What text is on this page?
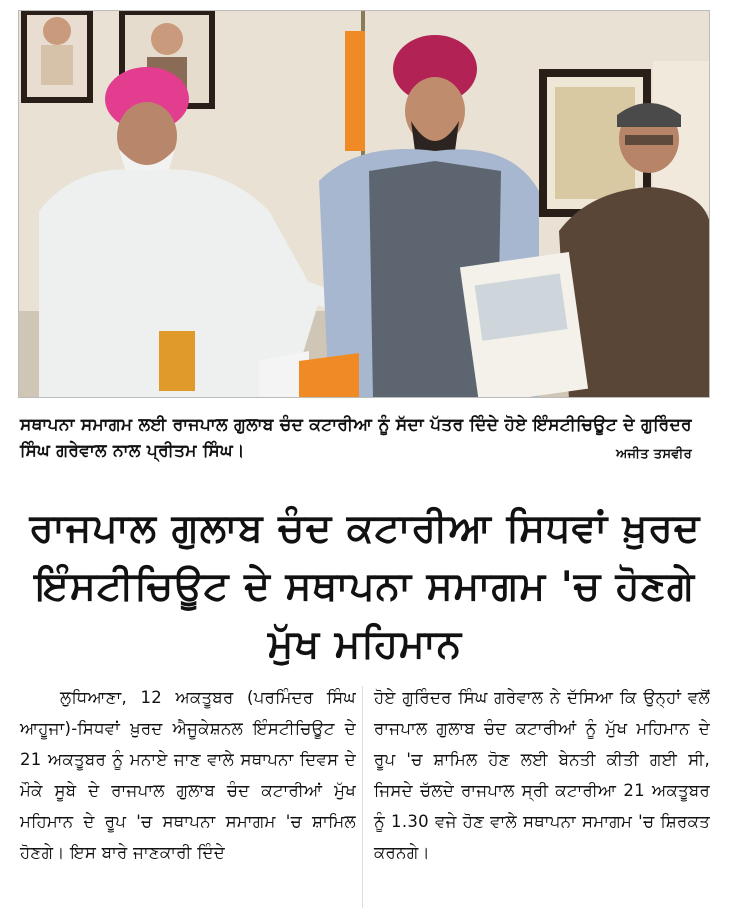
ਸਥਾਪਨਾ ਸਮਾਗਮ ਲਈ ਰਾਜਪਾਲ ਗੁਲਾਬ ਚੰਦ ਕਟਾਰੀਆ ਨੂੰ ਸੱਦਾ ਪੱਤਰ ਦਿੰਦੇ ਹੋਏ ਇੰਸਟੀਚਿਊਟ ਦੇ ਗੁਰਿੰਦਰ ਸਿੰਘ ਗਰੇਵਾਲ ਨਾਲ ਪ੍ਰੀਤਮ ਸਿੰਘ।	ਅਜੀਤ ਤਸਵੀਰ
ਰਾਜਪਾਲ ਗੁਲਾਬ ਚੰਦ ਕਟਾਰੀਆ ਸਿਧਵਾਂ ਖ਼ੁਰਦ
ਇੰਸਟੀਚਿਊਟ ਦੇ ਸਥਾਪਨਾ ਸਮਾਗਮ 'ਚ ਹੋਣਗੇ ਮੁੱਖ ਮਹਿਮਾਨ

ਲੁਧਿਆਣਾ, 12 ਅਕਤੂਬਰ (ਪਰਮਿੰਦਰ ਸਿੰਘ ਆਹੂਜਾ)-ਸਿਧਵਾਂ ਖ਼ੁਰਦ ਐਜੂਕੇਸ਼ਨਲ ਇੰਸਟੀਚਿਊਟ ਦੇ 21 ਅਕਤੂਬਰ ਨੂੰ ਮਨਾਏ ਜਾਣ ਵਾਲੇ ਸਥਾਪਨਾ ਦਿਵਸ ਦੇ ਮੌਕੇ ਸੂਬੇ ਦੇ ਰਾਜਪਾਲ ਗੁਲਾਬ ਚੰਦ ਕਟਾਰੀਆਂ ਮੁੱਖ ਮਹਿਮਾਨ ਦੇ ਰੂਪ 'ਚ ਸਥਾਪਨਾ ਸਮਾਗਮ 'ਚ ਸ਼ਾਮਿਲ ਹੋਣਗੇ। ਇਸ ਬਾਰੇ ਜਾਣਕਾਰੀ ਦਿੰਦੇ

ਹੋਏ ਗੁਰਿੰਦਰ ਸਿੰਘ ਗਰੇਵਾਲ ਨੇ ਦੱਸਿਆ ਕਿ ਉਨ੍ਹਾਂ ਵਲੋਂ ਰਾਜਪਾਲ ਗੁਲਾਬ ਚੰਦ ਕਟਾਰੀਆਂ ਨੂੰ ਮੁੱਖ ਮਹਿਮਾਨ ਦੇ ਰੂਪ 'ਚ ਸ਼ਾਮਿਲ ਹੋਣ ਲਈ ਬੇਨਤੀ ਕੀਤੀ ਗਈ ਸੀ, ਜਿਸਦੇ ਚੱਲਦੇ ਰਾਜਪਾਲ ਸ੍ਰੀ ਕਟਾਰੀਆ 21 ਅਕਤੂਬਰ ਨੂੰ 1.30 ਵਜੇ ਹੋਣ ਵਾਲੇ ਸਥਾਪਨਾ ਸਮਾਗਮ 'ਚ ਸ਼ਿਰਕਤ ਕਰਨਗੇ।
